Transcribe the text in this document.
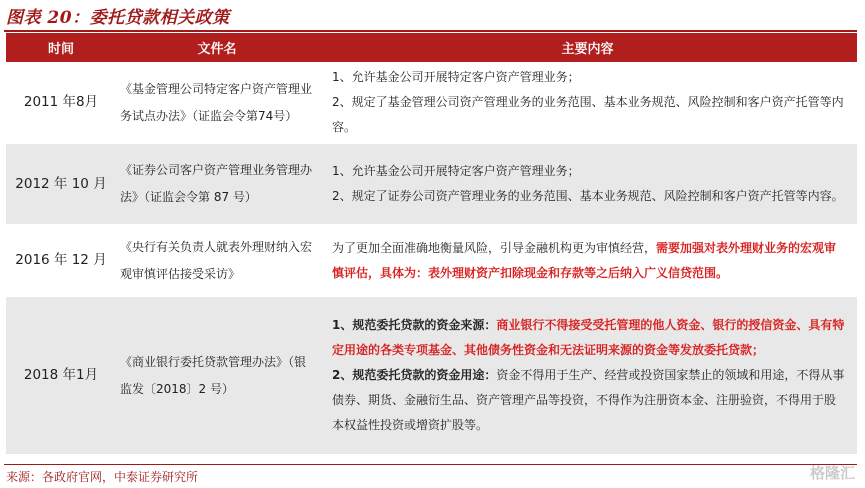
图表 20：委托贷款相关政策
时间	文件名	主要内容
2011 年8月	《基金管理公司特定客户资产管理业务试点办法》（证监会令第74号）	1、允许基金公司开展特定客户资产管理业务；
2、规定了基金管理公司资产管理业务的业务范围、基本业务规范、风险控制和客户资产托管等内容。

2012 年 10 月	《证券公司客户资产管理业务管理办法》（证监会令第 87 号）	1、允许基金公司开展特定客户资产管理业务；
2、规定了证券公司资产管理业务的业务范围、基本业务规范、风险控制和客户资产托管等内容。

2016 年 12 月	《央行有关负责人就表外理财纳入宏观审慎评估接受采访》	为了更加全面准确地衡量风险，引导金融机构更为审慎经营，需要加强对表外理财业务的宏观审慎评估，具体为：表外理财资产扣除现金和存款等之后纳入广义信贷范围。
2018 年1月	《商业银行委托贷款管理办法》（银监发〔2018〕2 号）	1、规范委托贷款的资金来源：商业银行不得接受受托管理的他人资金、银行的授信资金、具有特定用途的各类专项基金、其他债务性资金和无法证明来源的资金等发放委托贷款；
2、规范委托贷款的资金用途：资金不得用于生产、经营或投资国家禁止的领域和用途，不得从事债券、期货、金融衍生品、资产管理产品等投资，不得作为注册资本金、注册验资，不得用于股本权益性投资或增资扩股等。
来源：各政府官网，中泰证券研究所	格隆汇
